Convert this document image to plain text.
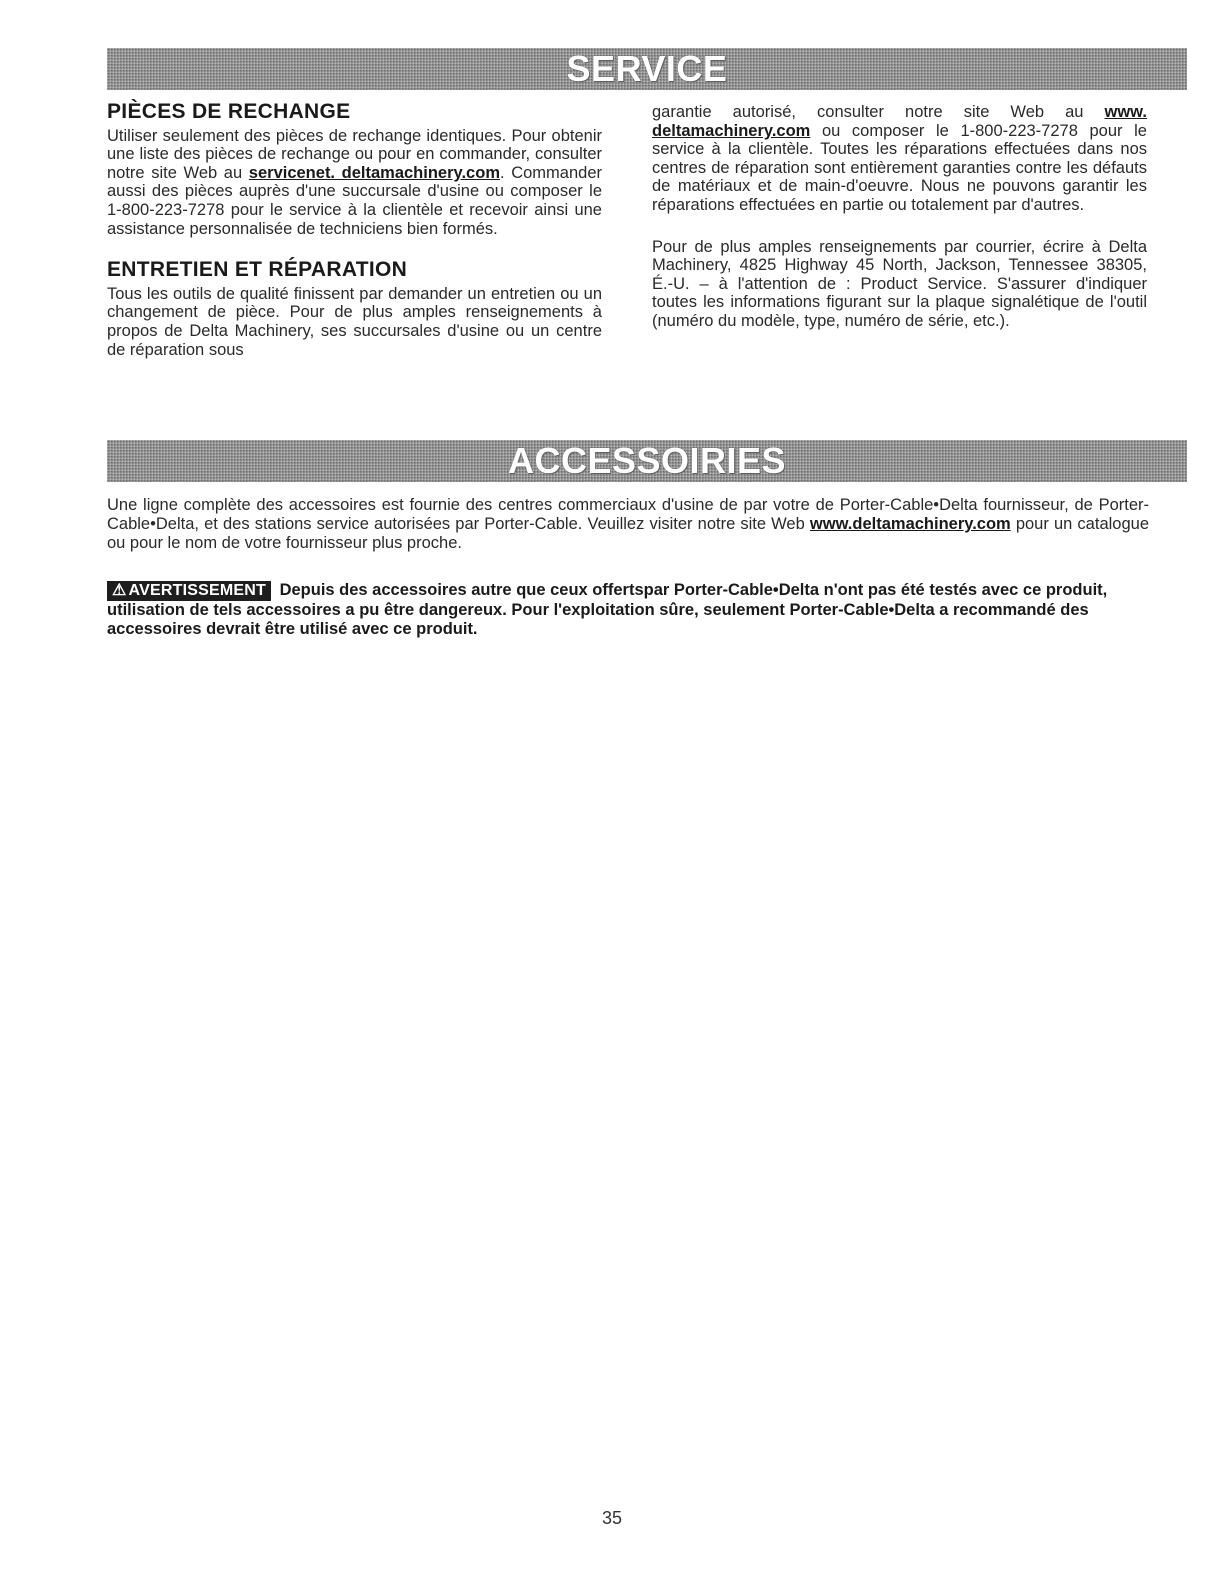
SERVICE
PIÈCES DE RECHANGE

Utiliser seulement des pièces de rechange identiques. Pour obtenir une liste des pièces de rechange ou pour en commander, consulter notre site Web au servicenet. deltamachinery.com. Commander aussi des pièces auprès d'une succursale d'usine ou composer le 1-800-223-7278 pour le service à la clientèle et recevoir ainsi une assistance personnalisée de techniciens bien formés.

ENTRETIEN ET RÉPARATION

Tous les outils de qualité finissent par demander un entretien ou un changement de pièce. Pour de plus amples renseignements à propos de Delta Machinery, ses succursales d'usine ou un centre de réparation sous

garantie autorisé, consulter notre site Web au www. deltamachinery.com ou composer le 1-800-223-7278 pour le service à la clientèle. Toutes les réparations effectuées dans nos centres de réparation sont entièrement garanties contre les défauts de matériaux et de main-d'oeuvre. Nous ne pouvons garantir les réparations effectuées en partie ou totalement par d'autres.

Pour de plus amples renseignements par courrier, écrire à Delta Machinery, 4825 Highway 45 North, Jackson, Tennessee 38305, É.-U. – à l'attention de : Product Service. S'assurer d'indiquer toutes les informations figurant sur la plaque signalétique de l'outil (numéro du modèle, type, numéro de série, etc.).

ACCESSOIRIES

Une ligne complète des accessoires est fournie des centres commerciaux d'usine de par votre de Porter-Cable•Delta fournisseur, de Porter-Cable•Delta, et des stations service autorisées par Porter-Cable. Veuillez visiter notre site Web www.deltamachinery.com pour un catalogue ou pour le nom de votre fournisseur plus proche.

⚠ AVERTISSEMENT Depuis des accessoires autre que ceux offertspar Porter-Cable•Delta n'ont pas été testés avec ce produit, utilisation de tels accessoires a pu être dangereux. Pour l'exploitation sûre, seulement Porter-Cable•Delta a recommandé des accessoires devrait être utilisé avec ce produit.

35
